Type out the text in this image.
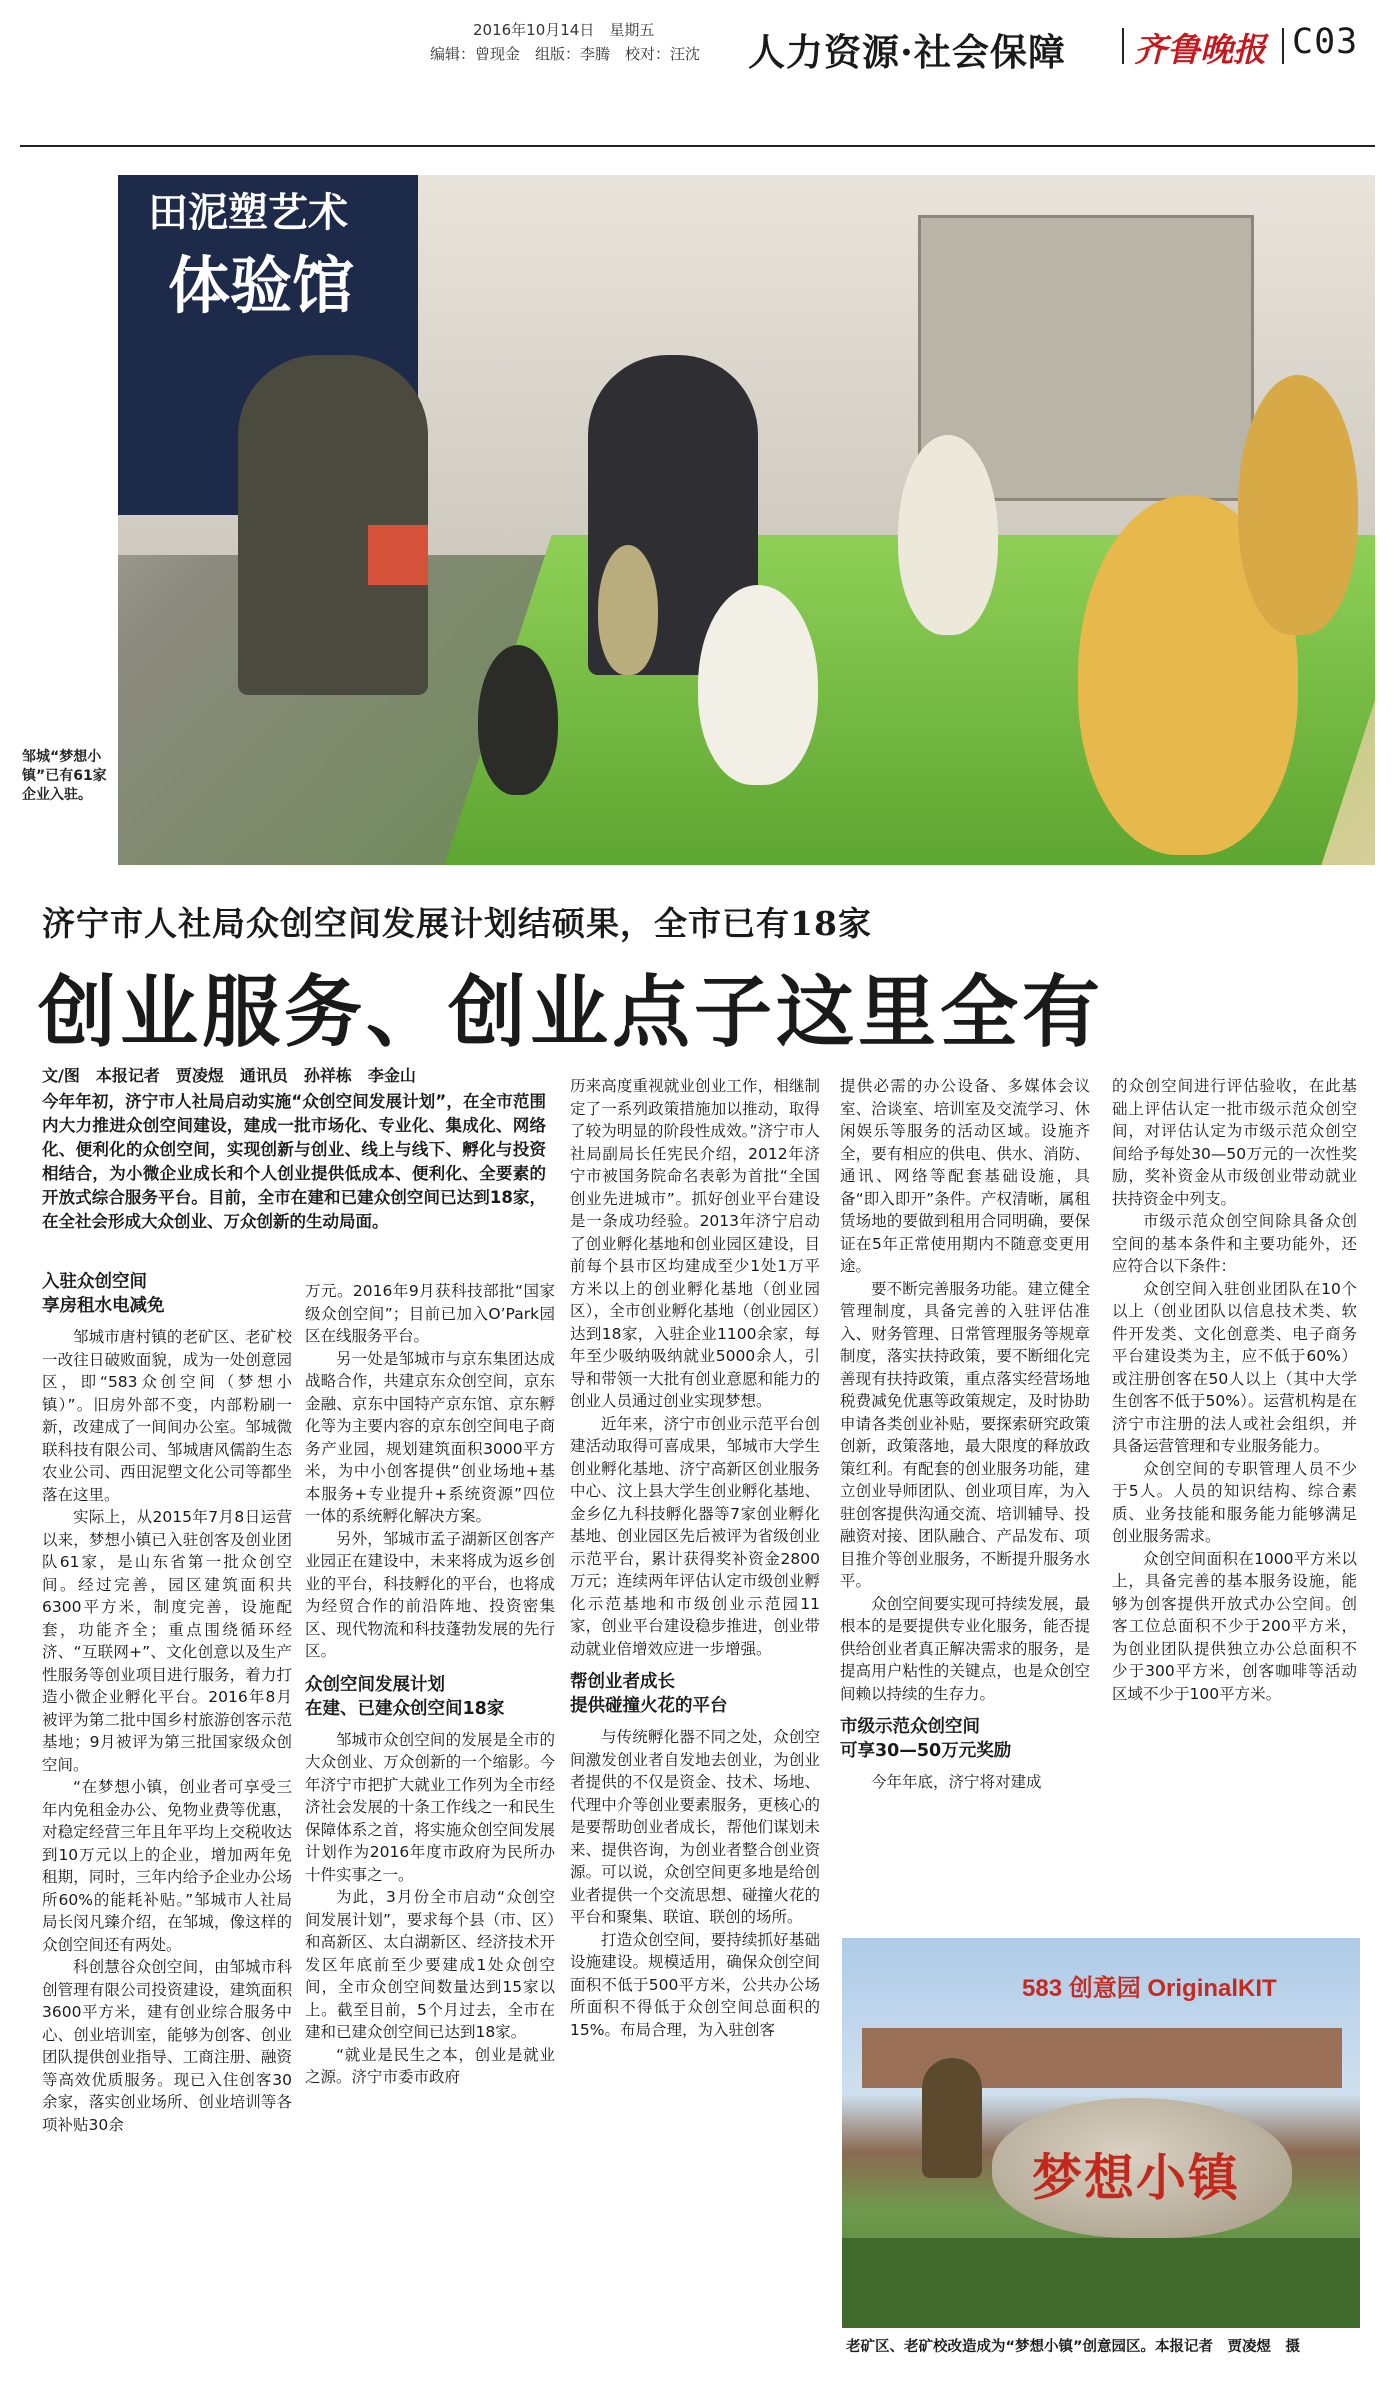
2016年10月14日　星期五
编辑：曾现金　组版：李腾　校对：汪沈 人力资源·社会保障 齐鲁晚报 C03
田泥塑艺术
体验馆
邹城“梦想小镇”已有61家企业入驻。
济宁市人社局众创空间发展计划结硕果，全市已有18家
创业服务、创业点子这里全有
文/图　本报记者　贾凌煜　通讯员　孙祥栋　李金山
今年年初，济宁市人社局启动实施“众创空间发展计划”，在全市范围内大力推进众创空间建设，建成一批市场化、专业化、集成化、网络化、便利化的众创空间，实现创新与创业、线上与线下、孵化与投资相结合，为小微企业成长和个人创业提供低成本、便利化、全要素的开放式综合服务平台。目前，全市在建和已建众创空间已达到18家，在全社会形成大众创业、万众创新的生动局面。
入驻众创空间
享房租水电减免

邹城市唐村镇的老矿区、老矿校一改往日破败面貌，成为一处创意园区，即“583众创空间（梦想小镇）”。旧房外部不变，内部粉刷一新，改建成了一间间办公室。邹城微联科技有限公司、邹城唐风儒韵生态农业公司、西田泥塑文化公司等都坐落在这里。

实际上，从2015年7月8日运营以来，梦想小镇已入驻创客及创业团队61家，是山东省第一批众创空间。经过完善，园区建筑面积共6300平方米，制度完善，设施配套，功能齐全；重点围绕循环经济、“互联网+”、文化创意以及生产性服务等创业项目进行服务，着力打造小微企业孵化平台。2016年8月被评为第二批中国乡村旅游创客示范基地；9月被评为第三批国家级众创空间。

“在梦想小镇，创业者可享受三年内免租金办公、免物业费等优惠，对稳定经营三年且年平均上交税收达到10万元以上的企业，增加两年免租期，同时，三年内给予企业办公场所60%的能耗补贴。”邹城市人社局局长闵凡臻介绍，在邹城，像这样的众创空间还有两处。

科创慧谷众创空间，由邹城市科创管理有限公司投资建设，建筑面积3600平方米，建有创业综合服务中心、创业培训室，能够为创客、创业团队提供创业指导、工商注册、融资等高效优质服务。现已入住创客30余家，落实创业场所、创业培训等各项补贴30余

万元。2016年9月获科技部批“国家级众创空间”；目前已加入O’Park园区在线服务平台。

另一处是邹城市与京东集团达成战略合作，共建京东众创空间，京东金融、京东中国特产京东馆、京东孵化等为主要内容的京东创空间电子商务产业园，规划建筑面积3000平方米，为中小创客提供“创业场地+基本服务+专业提升+系统资源”四位一体的系统孵化解决方案。

另外，邹城市孟子湖新区创客产业园正在建设中，未来将成为返乡创业的平台，科技孵化的平台，也将成为经贸合作的前沿阵地、投资密集区、现代物流和科技蓬勃发展的先行区。

众创空间发展计划
在建、已建众创空间18家

邹城市众创空间的发展是全市的大众创业、万众创新的一个缩影。今年济宁市把扩大就业工作列为全市经济社会发展的十条工作线之一和民生保障体系之首，将实施众创空间发展计划作为2016年度市政府为民所办十件实事之一。

为此，3月份全市启动“众创空间发展计划”，要求每个县（市、区）和高新区、太白湖新区、经济技术开发区年底前至少要建成1处众创空间，全市众创空间数量达到15家以上。截至目前，5个月过去，全市在建和已建众创空间已达到18家。

“就业是民生之本，创业是就业之源。济宁市委市政府

历来高度重视就业创业工作，相继制定了一系列政策措施加以推动，取得了较为明显的阶段性成效。”济宁市人社局副局长任宪民介绍，2012年济宁市被国务院命名表彰为首批“全国创业先进城市”。抓好创业平台建设是一条成功经验。2013年济宁启动了创业孵化基地和创业园区建设，目前每个县市区均建成至少1处1万平方米以上的创业孵化基地（创业园区），全市创业孵化基地（创业园区）达到18家，入驻企业1100余家，每年至少吸纳吸纳就业5000余人，引导和带领一大批有创业意愿和能力的创业人员通过创业实现梦想。

近年来，济宁市创业示范平台创建活动取得可喜成果，邹城市大学生创业孵化基地、济宁高新区创业服务中心、汶上县大学生创业孵化基地、金乡亿九科技孵化器等7家创业孵化基地、创业园区先后被评为省级创业示范平台，累计获得奖补资金2800万元；连续两年评估认定市级创业孵化示范基地和市级创业示范园11家，创业平台建设稳步推进，创业带动就业倍增效应进一步增强。

帮创业者成长
提供碰撞火花的平台

与传统孵化器不同之处，众创空间激发创业者自发地去创业，为创业者提供的不仅是资金、技术、场地、代理中介等创业要素服务，更核心的是要帮助创业者成长，帮他们谋划未来、提供咨询，为创业者整合创业资源。可以说，众创空间更多地是给创业者提供一个交流思想、碰撞火花的平台和聚集、联谊、联创的场所。

打造众创空间，要持续抓好基础设施建设。规模适用，确保众创空间面积不低于500平方米，公共办公场所面积不得低于众创空间总面积的15%。布局合理，为入驻创客

提供必需的办公设备、多媒体会议室、洽谈室、培训室及交流学习、休闲娱乐等服务的活动区域。设施齐全，要有相应的供电、供水、消防、通讯、网络等配套基础设施，具备“即入即开”条件。产权清晰，属租赁场地的要做到租用合同明确，要保证在5年正常使用期内不随意变更用途。

要不断完善服务功能。建立健全管理制度，具备完善的入驻评估准入、财务管理、日常管理服务等规章制度，落实扶持政策，要不断细化完善现有扶持政策，重点落实经营场地税费减免优惠等政策规定，及时协助申请各类创业补贴，要探索研究政策创新，政策落地，最大限度的释放政策红利。有配套的创业服务功能，建立创业导师团队、创业项目库，为入驻创客提供沟通交流、培训辅导、投融资对接、团队融合、产品发布、项目推介等创业服务，不断提升服务水平。

众创空间要实现可持续发展，最根本的是要提供专业化服务，能否提供给创业者真正解决需求的服务，是提高用户粘性的关键点，也是众创空间赖以持续的生存力。

市级示范众创空间
可享30—50万元奖励

今年年底，济宁将对建成

的众创空间进行评估验收，在此基础上评估认定一批市级示范众创空间，对评估认定为市级示范众创空间给予每处30—50万元的一次性奖励，奖补资金从市级创业带动就业扶持资金中列支。

市级示范众创空间除具备众创空间的基本条件和主要功能外，还应符合以下条件：

众创空间入驻创业团队在10个以上（创业团队以信息技术类、软件开发类、文化创意类、电子商务平台建设类为主，应不低于60%）或注册创客在50人以上（其中大学生创客不低于50%）。运营机构是在济宁市注册的法人或社会组织，并具备运营管理和专业服务能力。

众创空间的专职管理人员不少于5人。人员的知识结构、综合素质、业务技能和服务能力能够满足创业服务需求。

众创空间面积在1000平方米以上，具备完善的基本服务设施，能够为创客提供开放式办公空间。创客工位总面积不少于200平方米，为创业团队提供独立办公总面积不少于300平方米，创客咖啡等活动区域不少于100平方米。

583 创意园 OriginalKIT
梦想小镇
老矿区、老矿校改造成为“梦想小镇”创意园区。本报记者　贾凌煜　摄
